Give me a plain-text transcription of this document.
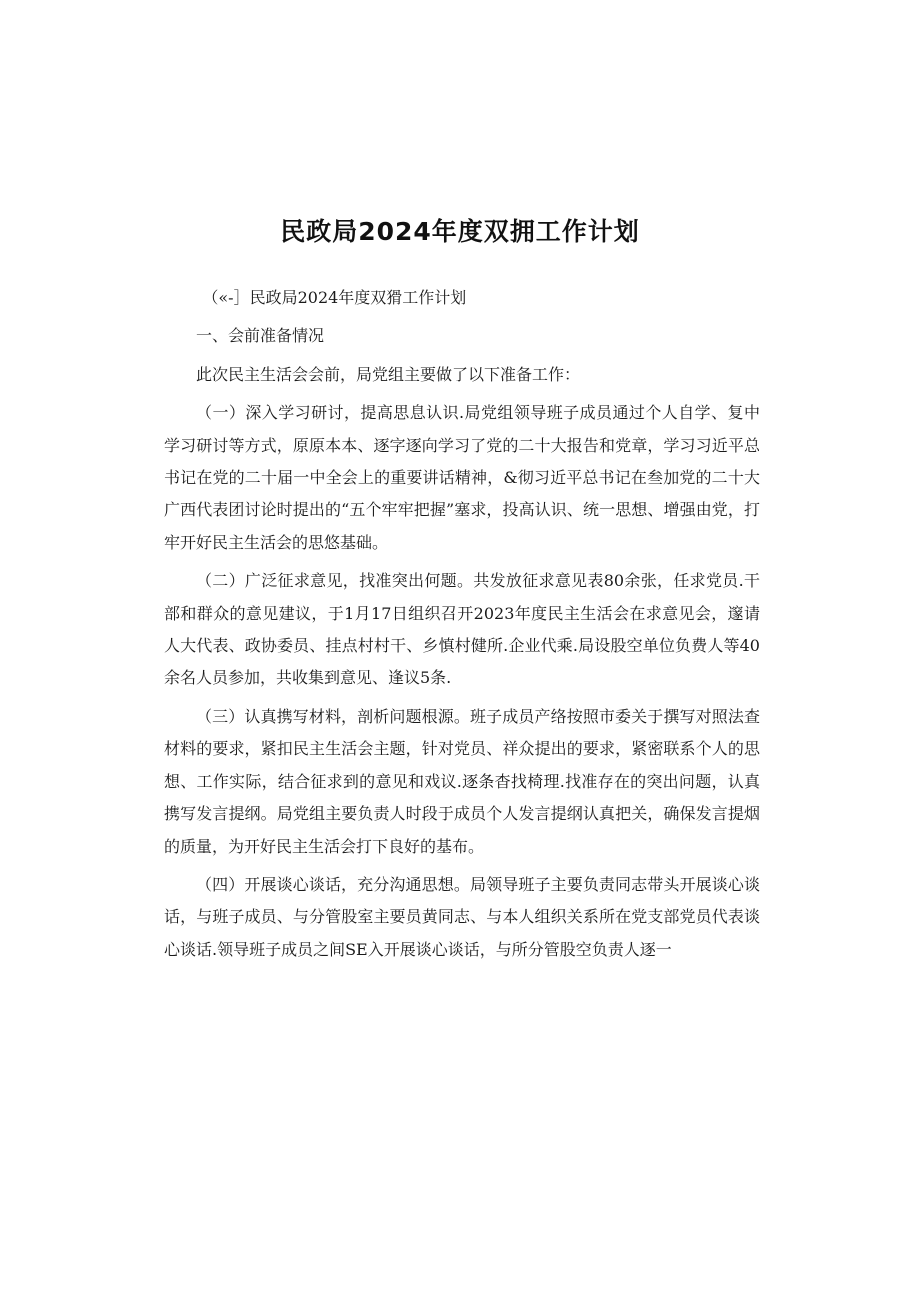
民政局2024年度双拥工作计划

（«-］民政局2024年度双猾工作计划

一、会前准备情况

此次民主生活会会前，局党组主要做了以下准备工作：

（一）深入学习研讨，提高思息认识.局党组领导班子成员通过个人自学、复中学习研讨等方式，原原本本、逐字逐向学习了党的二十大报告和党章，学习习近平总书记在党的二十届一中全会上的重要讲话精神，&彻习近平总书记在叁加党的二十大广西代表团讨论时提出的“五个牢牢把握”塞求，投高认识、统一思想、增强由党，打牢开好民主生活会的思悠基础。

（二）广泛征求意见，找准突出何题。共发放征求意见表80余张，任求党员.干部和群众的意见建议，于1月17日组织召开2023年度民主生活会在求意见会，邃请人大代表、政协委员、挂点村村干、乡慎村健所.企业代乘.局设股空单位负费人等40余名人员参加，共收集到意见、逢议5条.

（三）认真携写材料，剖析问题根源。班子成员产络按照市委关于撰写对照法查材料的要求，紧扣民主生活会主题，针对党员、祥众提出的要求，紧密联系个人的思想、工作实际，结合征求到的意见和戏议.逐条杳找椅理.找准存在的突出问题，认真携写发言提纲。局党组主要负责人时段于成员个人发言提纲认真把关，确保发言提烟的质量，为开好民主生活会打下良好的基布。

（四）开展谈心谈话，充分沟通思想。局领导班子主要负责同志带头开展谈心谈话，与班子成员、与分管股室主要员黄同志、与本人组织关系所在党支部党员代表谈心谈话.领导班子成员之间SE入开展谈心谈话，与所分管股空负责人逐一
